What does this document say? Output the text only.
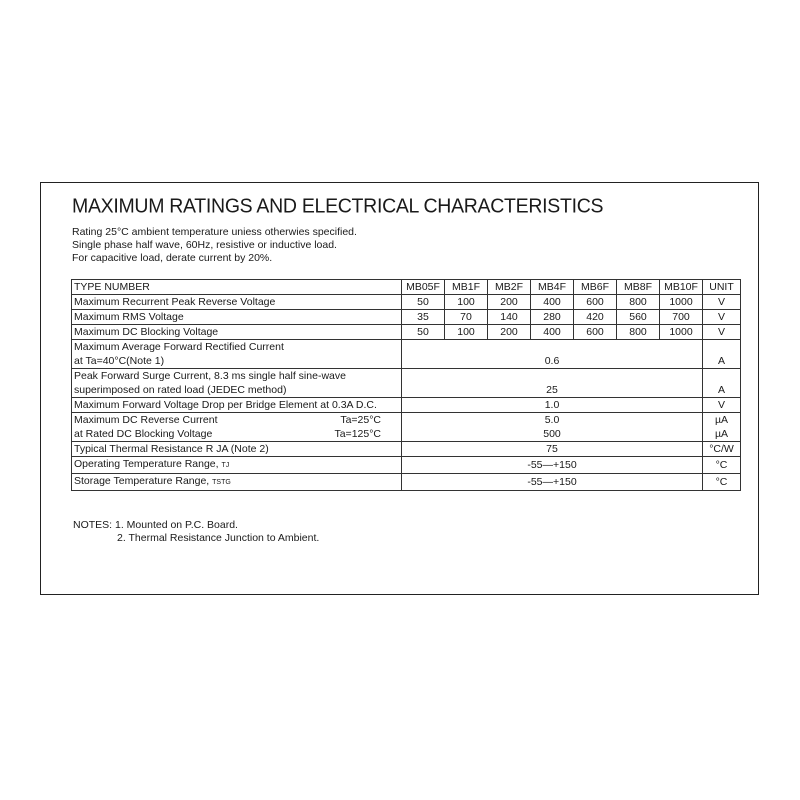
MAXIMUM RATINGS AND ELECTRICAL CHARACTERISTICS
Rating 25°C ambient temperature uniess otherwies specified.
Single phase half wave, 60Hz, resistive or inductive load.
For capacitive load, derate current by 20%.
TYPE NUMBER	MB05F	MB1F	MB2F	MB4F	MB6F	MB8F	MB10F	UNIT
Maximum Recurrent Peak Reverse Voltage	50	100	200	400	600	800	1000	V
Maximum RMS Voltage	35	70	140	280	420	560	700	V
Maximum DC Blocking Voltage	50	100	200	400	600	800	1000	V
Maximum Average Forward Rectified Current								
at Ta=40°C(Note 1)	0.6							A
Peak Forward Surge Current, 8.3 ms single half sine-wave								
superimposed on rated load (JEDEC method)	25							A
Maximum Forward Voltage Drop per Bridge Element at 0.3A D.C.	1.0							V

Maximum DC Reverse Current Ta=25°C	5.0							µA

at Rated DC Blocking Voltage Ta=125°C	500							µA
Typical Thermal Resistance R JA (Note 2)	75							°C/W
Operating Temperature Range, TJ	-55—+150							°C
Storage Temperature Range, TSTG	-55—+150							°C
NOTES: 1. Mounted on P.C. Board.
2. Thermal Resistance Junction to Ambient.
